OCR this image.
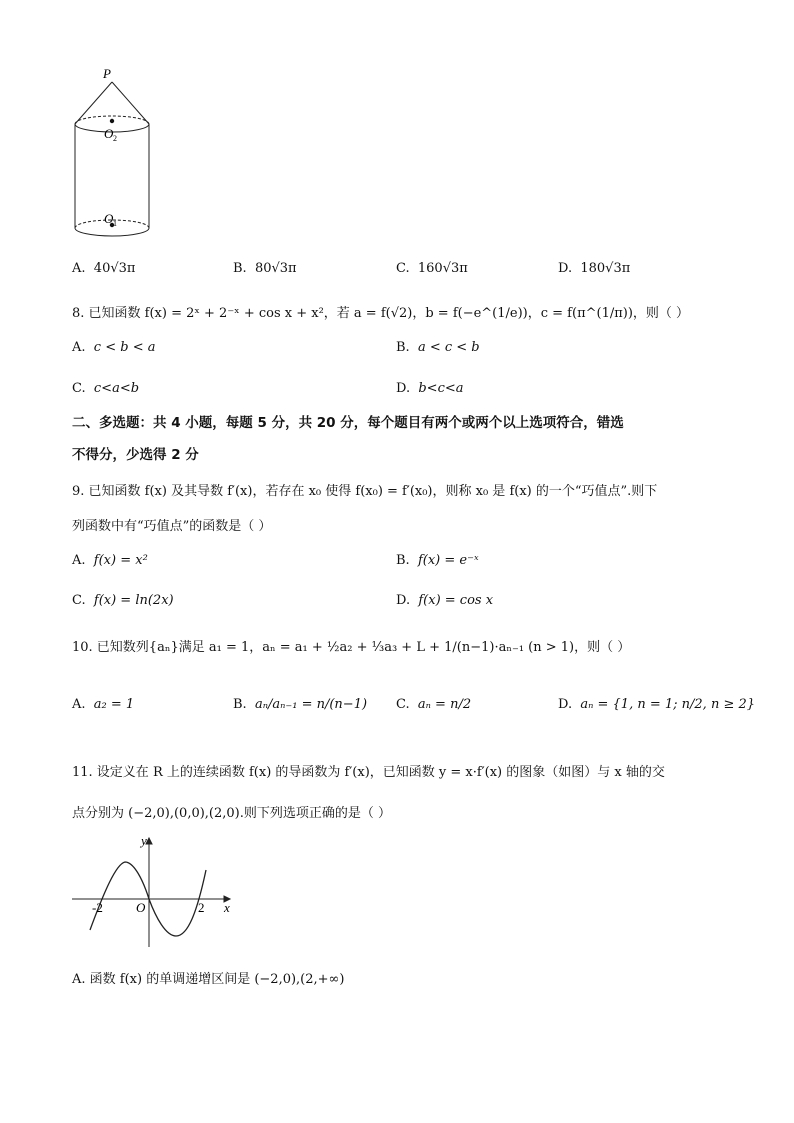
P
O 2
O 1
A. 40√3π	B. 80√3π	C. 160√3π	D. 180√3π
8. 已知函数 f(x) = 2ˣ + 2⁻ˣ + cos x + x²，若 a = f(√2)，b = f(−e^(1/e))，c = f(π^(1/π))，则（ ）
A. c < b < a	B. a < c < b
C. c<a<b	D. b<c<a
二、多选题：共 4 小题，每题 5 分，共 20 分，每个题目有两个或两个以上选项符合，错选
不得分，少选得 2 分
9. 已知函数 f(x) 及其导数 f′(x)，若存在 x₀ 使得 f(x₀) = f′(x₀)，则称 x₀ 是 f(x) 的一个“巧值点”.则下
列函数中有“巧值点”的函数是（ ）
A. f(x) = x²	B. f(x) = e⁻ˣ
C. f(x) = ln(2x)	D. f(x) = cos x
10. 已知数列{aₙ}满足 a₁ = 1，aₙ = a₁ + ½a₂ + ⅓a₃ + L + 1/(n−1)·aₙ₋₁ (n > 1)，则（ ）
A. a₂ = 1	B. aₙ/aₙ₋₁ = n/(n−1) C. aₙ = n/2	D. aₙ = {1, n = 1; n/2, n ≥ 2}
11. 设定义在 R 上的连续函数 f(x) 的导函数为 f′(x)，已知函数 y = x·f′(x) 的图象（如图）与 x 轴的交
点分别为 (−2,0),(0,0),(2,0).则下列选项正确的是（ ）
y
x
O
-2	2
A. 函数 f(x) 的单调递增区间是 (−2,0),(2,+∞)
